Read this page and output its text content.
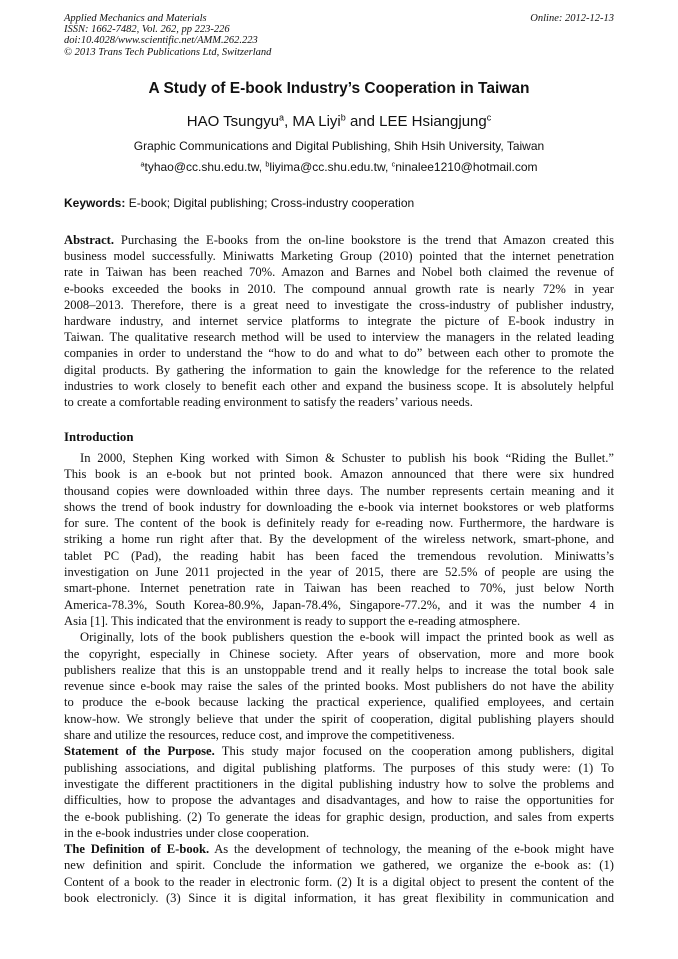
Applied Mechanics and Materials
ISSN: 1662-7482, Vol. 262, pp 223-226
doi:10.4028/www.scientific.net/AMM.262.223
© 2013 Trans Tech Publications Ltd, Switzerland
Online: 2012-12-13
A Study of E-book Industry’s Cooperation in Taiwan
HAO Tsungyu$^a$, MA Liyi$^b$ and LEE Hsiangjung$^c$
Graphic Communications and Digital Publishing, Shih Hsih University, Taiwan
$^a$tyhao@cc.shu.edu.tw, $^b$liyima@cc.shu.edu.tw, $^c$ninalee1210@hotmail.com
Keywords: E-book; Digital publishing; Cross-industry cooperation
Abstract. Purchasing the E-books from the on-line bookstore is the trend that Amazon created this
business model successfully. Miniwatts Marketing Group (2010) pointed that the internet penetration
rate in Taiwan has been reached 70%. Amazon and Barnes and Nobel both claimed the revenue of
e-books exceeded the books in 2010. The compound annual growth rate is nearly 72% in year
2008–2013. Therefore, there is a great need to investigate the cross-industry of publisher industry,
hardware industry, and internet service platforms to integrate the picture of E-book industry in
Taiwan. The qualitative research method will be used to interview the managers in the related leading
companies in order to understand the “how to do and what to do” between each other to promote the
digital products. By gathering the information to gain the knowledge for the reference to the related
industries to work closely to benefit each other and expand the business scope. It is absolutely helpful
to create a comfortable reading environment to satisfy the readers’ various needs.
Introduction
In 2000, Stephen King worked with Simon & Schuster to publish his book “Riding the Bullet.”
This book is an e-book but not printed book. Amazon announced that there were six hundred
thousand copies were downloaded within three days. The number represents certain meaning and it
shows the trend of book industry for downloading the e-book via internet bookstores or web platforms
for sure. The content of the book is definitely ready for e-reading now. Furthermore, the hardware is
striking a home run right after that. By the development of the wireless network, smart-phone, and
tablet PC (Pad), the reading habit has been faced the tremendous revolution. Miniwatts’s
investigation on June 2011 projected in the year of 2015, there are 52.5% of people are using the
smart-phone. Internet penetration rate in Taiwan has been reached to 70%, just below North
America-78.3%, South Korea-80.9%, Japan-78.4%, Singapore-77.2%, and it was the number 4 in
Asia [1]. This indicated that the environment is ready to support the e-reading atmosphere.
Originally, lots of the book publishers question the e-book will impact the printed book as well as
the copyright, especially in Chinese society. After years of observation, more and more book
publishers realize that this is an unstoppable trend and it really helps to increase the total book sale
revenue since e-book may raise the sales of the printed books. Most publishers do not have the ability
to produce the e-book because lacking the practical experience, qualified employees, and certain
know-how. We strongly believe that under the spirit of cooperation, digital publishing players should
share and utilize the resources, reduce cost, and improve the competitiveness.
Statement of the Purpose. This study major focused on the cooperation among publishers, digital
publishing associations, and digital publishing platforms. The purposes of this study were: (1) To
investigate the different practitioners in the digital publishing industry how to solve the problems and
difficulties, how to propose the advantages and disadvantages, and how to raise the opportunities for
the e-book publishing. (2) To generate the ideas for graphic design, production, and sales from experts
in the e-book industries under close cooperation.
The Definition of E-book. As the development of technology, the meaning of the e-book might have
new definition and spirit. Conclude the information we gathered, we organize the e-book as: (1)
Content of a book to the reader in electronic form. (2) It is a digital object to present the content of the
book electronicly. (3) Since it is digital information, it has great flexibility in communication and
